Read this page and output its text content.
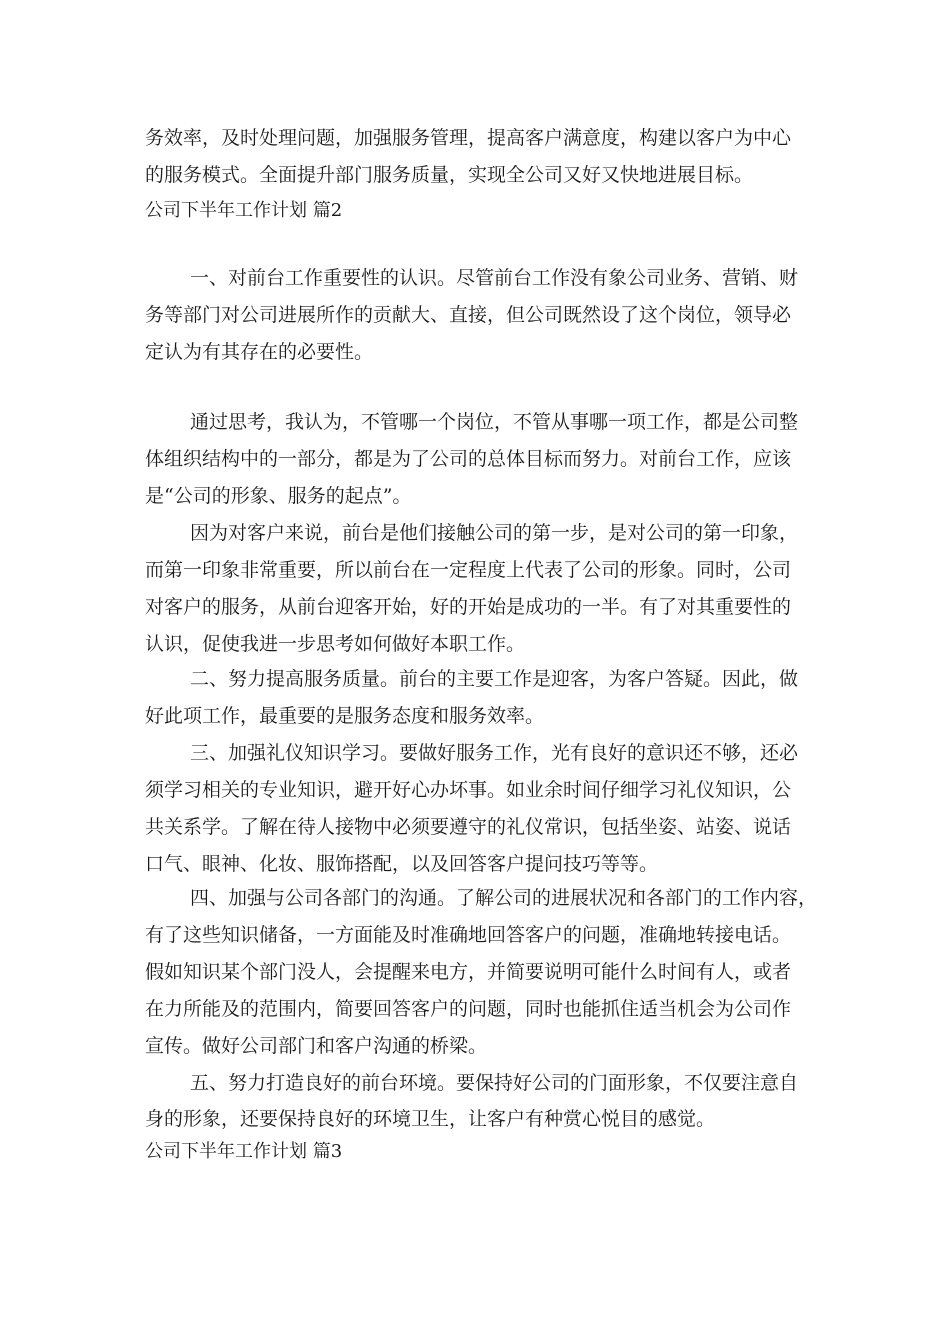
务效率，及时处理问题，加强服务管理，提高客户满意度，构建以客户为中心
的服务模式。全面提升部门服务质量，实现全公司又好又快地进展目标。
公司下半年工作计划 篇2
一、对前台工作重要性的认识。尽管前台工作没有象公司业务、营销、财
务等部门对公司进展所作的贡献大、直接，但公司既然设了这个岗位，领导必
定认为有其存在的必要性。
通过思考，我认为，不管哪一个岗位，不管从事哪一项工作，都是公司整
体组织结构中的一部分，都是为了公司的总体目标而努力。对前台工作，应该
是“公司的形象、服务的起点”。
因为对客户来说，前台是他们接触公司的第一步，是对公司的第一印象，
而第一印象非常重要，所以前台在一定程度上代表了公司的形象。同时，公司
对客户的服务，从前台迎客开始，好的开始是成功的一半。有了对其重要性的
认识，促使我进一步思考如何做好本职工作。
二、努力提高服务质量。前台的主要工作是迎客，为客户答疑。因此，做
好此项工作，最重要的是服务态度和服务效率。
三、加强礼仪知识学习。要做好服务工作，光有良好的意识还不够，还必
须学习相关的专业知识，避开好心办坏事。如业余时间仔细学习礼仪知识，公
共关系学。了解在待人接物中必须要遵守的礼仪常识，包括坐姿、站姿、说话
口气、眼神、化妆、服饰搭配，以及回答客户提问技巧等等。
四、加强与公司各部门的沟通。了解公司的进展状况和各部门的工作内容，
有了这些知识储备，一方面能及时准确地回答客户的问题，准确地转接电话。
假如知识某个部门没人，会提醒来电方，并简要说明可能什么时间有人，或者
在力所能及的范围内，简要回答客户的问题，同时也能抓住适当机会为公司作
宣传。做好公司部门和客户沟通的桥梁。
五、努力打造良好的前台环境。要保持好公司的门面形象，不仅要注意自
身的形象，还要保持良好的环境卫生，让客户有种赏心悦目的感觉。
公司下半年工作计划 篇3
